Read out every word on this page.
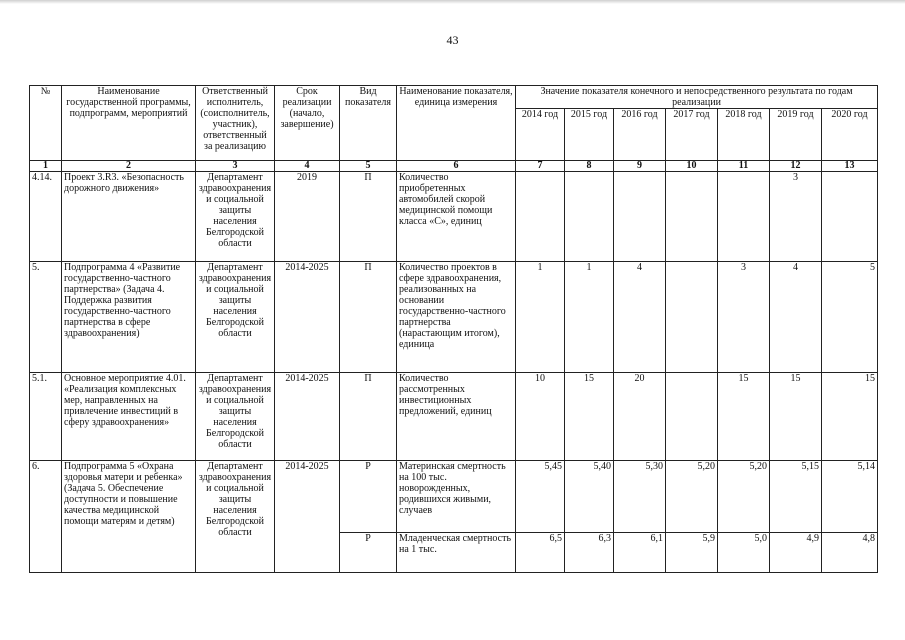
43
№	Наименование государственной программы, подпрограмм, мероприятий	Ответственный исполнитель, (соисполнитель, участник), ответственный за реализацию	Срок реализации (начало, завершение)	Вид показателя	Наименование показателя, единица измерения	Значение показателя конечного и непосредственного результата по годам реализации						
						2014 год	2015 год	2016 год	2017 год	2018 год	2019 год	2020 год
1	2	3	4	5	6	7	8	9	10	11	12	13
4.14.	Проект 3.R3. «Безопасность дорожного движения»	Департамент здравоохранения и социальной защиты населения Белгородской области	2019	П	Количество приобретенных автомобилей скорой медицинской помощи класса «С», единиц						3	
5.	Подпрограмма 4 «Развитие государственно-частного партнерства» (Задача 4. Поддержка развития государственно-частного партнерства в сфере здравоохранения)	Департамент здравоохранения и социальной защиты населения Белгородской области	2014-2025	П	Количество проектов в сфере здравоохранения, реализованных на основании государственно-частного партнерства (нарастающим итогом), единица	1	1	4		3	4	5
5.1.	Основное мероприятие 4.01. «Реализация комплексных мер, направленных на привлечение инвестиций в сферу здравоохранения»	Департамент здравоохранения и социальной защиты населения Белгородской области	2014-2025	П	Количество рассмотренных инвестиционных предложений, единиц	10	15	20		15	15	15
6.	Подпрограмма 5 «Охрана здоровья матери и ребенка» (Задача 5. Обеспечение доступности и повышение качества медицинской помощи матерям и детям)	Департамент здравоохранения и социальной защиты населения Белгородской области	2014-2025	Р	Материнская смертность на 100 тыс. новорожденных, родившихся живыми, случаев	5,45	5,40	5,30	5,20	5,20	5,15	5,14
				Р	Младенческая смертность на 1 тыс.	6,5	6,3	6,1	5,9	5,0	4,9	4,8
